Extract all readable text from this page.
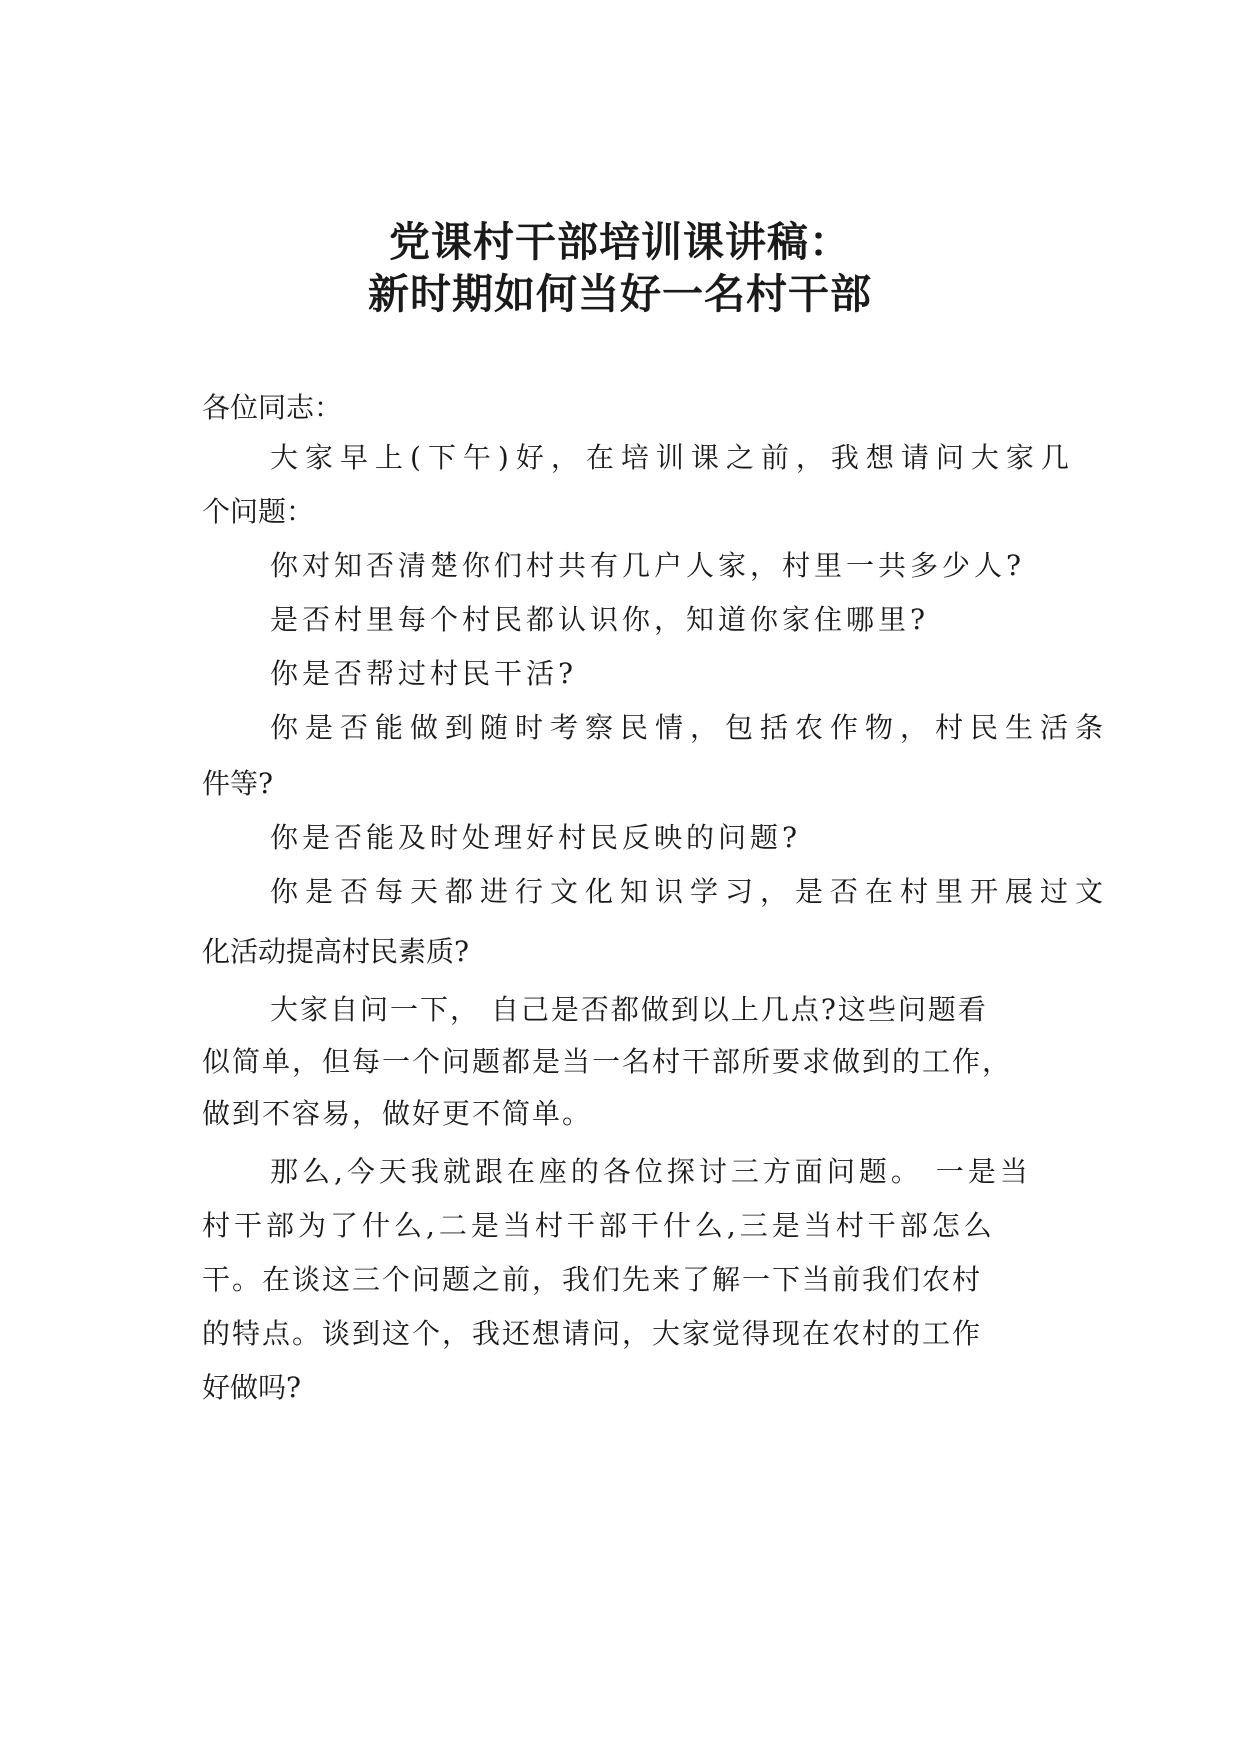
党课村干部培训课讲稿：
新时期如何当好一名村干部

各位同志：

大家早上(下午)好，在培训课之前，我想请问大家几

个问题：

你对知否清楚你们村共有几户人家，村里一共多少人?

是否村里每个村民都认识你，知道你家住哪里?

你是否帮过村民干活?

你是否能做到随时考察民情，包括农作物，村民生活条

件等?

你是否能及时处理好村民反映的问题?

你是否每天都进行文化知识学习，是否在村里开展过文

化活动提高村民素质?

大家自问一下， 自己是否都做到以上几点?这些问题看

似简单，但每一个问题都是当一名村干部所要求做到的工作，

做到不容易，做好更不简单。

那么,今天我就跟在座的各位探讨三方面问题。 一是当

村干部为了什么,二是当村干部干什么,三是当村干部怎么

干。在谈这三个问题之前，我们先来了解一下当前我们农村

的特点。谈到这个，我还想请问，大家觉得现在农村的工作

好做吗?
